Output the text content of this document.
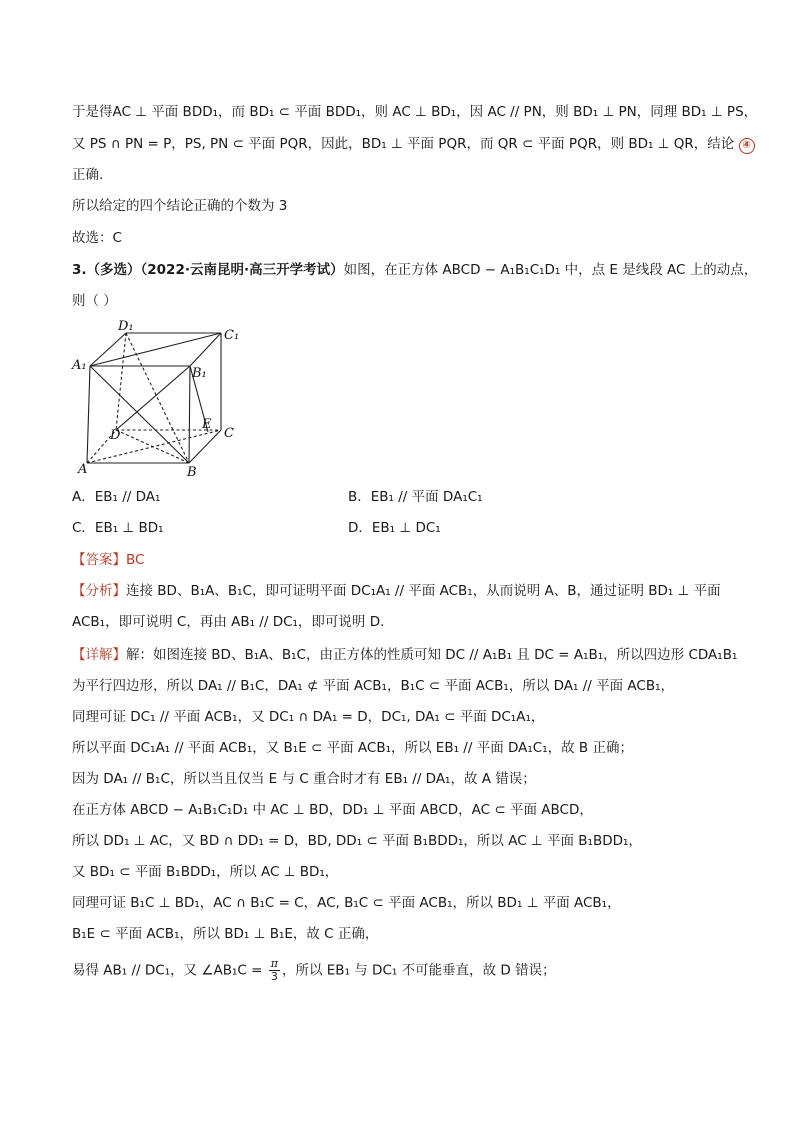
于是得AC ⊥ 平面 BDD₁，而 BD₁ ⊂ 平面 BDD₁，则 AC ⊥ BD₁，因 AC // PN，则 BD₁ ⊥ PN，同理 BD₁ ⊥ PS，
又 PS ∩ PN = P，PS, PN ⊂ 平面 PQR，因此，BD₁ ⊥ 平面 PQR，而 QR ⊂ 平面 PQR，则 BD₁ ⊥ QR，结论 ④
正确.
所以给定的四个结论正确的个数为 3
故选：C
3.（多选）（2022·云南昆明·高三开学考试）如图，在正方体 ABCD − A₁B₁C₁D₁ 中，点 E 是线段 AC 上的动点，
则（ ）
D₁
C₁
A₁
B₁
D
E
C
A	B
A．EB₁ // DA₁	B．EB₁ // 平面 DA₁C₁
C．EB₁ ⊥ BD₁	D．EB₁ ⊥ DC₁
【答案】BC
【分析】连接 BD、B₁A、B₁C，即可证明平面 DC₁A₁ // 平面 ACB₁，从而说明 A、B，通过证明 BD₁ ⊥ 平面
ACB₁，即可说明 C，再由 AB₁ // DC₁，即可说明 D.
【详解】解：如图连接 BD、B₁A、B₁C，由正方体的性质可知 DC // A₁B₁ 且 DC = A₁B₁，所以四边形 CDA₁B₁
为平行四边形，所以 DA₁ // B₁C，DA₁ ⊄ 平面 ACB₁，B₁C ⊂ 平面 ACB₁，所以 DA₁ // 平面 ACB₁，
同理可证 DC₁ // 平面 ACB₁，又 DC₁ ∩ DA₁ = D，DC₁, DA₁ ⊂ 平面 DC₁A₁，
所以平面 DC₁A₁ // 平面 ACB₁，又 B₁E ⊂ 平面 ACB₁，所以 EB₁ // 平面 DA₁C₁，故 B 正确；
因为 DA₁ // B₁C，所以当且仅当 E 与 C 重合时才有 EB₁ // DA₁，故 A 错误；
在正方体 ABCD − A₁B₁C₁D₁ 中 AC ⊥ BD，DD₁ ⊥ 平面 ABCD，AC ⊂ 平面 ABCD，
所以 DD₁ ⊥ AC，又 BD ∩ DD₁ = D，BD, DD₁ ⊂ 平面 B₁BDD₁，所以 AC ⊥ 平面 B₁BDD₁，
又 BD₁ ⊂ 平面 B₁BDD₁，所以 AC ⊥ BD₁，
同理可证 B₁C ⊥ BD₁，AC ∩ B₁C = C，AC, B₁C ⊂ 平面 ACB₁，所以 BD₁ ⊥ 平面 ACB₁，
B₁E ⊂ 平面 ACB₁，所以 BD₁ ⊥ B₁E，故 C 正确，
易得 AB₁ // DC₁，又 ∠AB₁C = $\frac{\pi}{3}$ ，所以 EB₁ 与 DC₁ 不可能垂直，故 D 错误；
